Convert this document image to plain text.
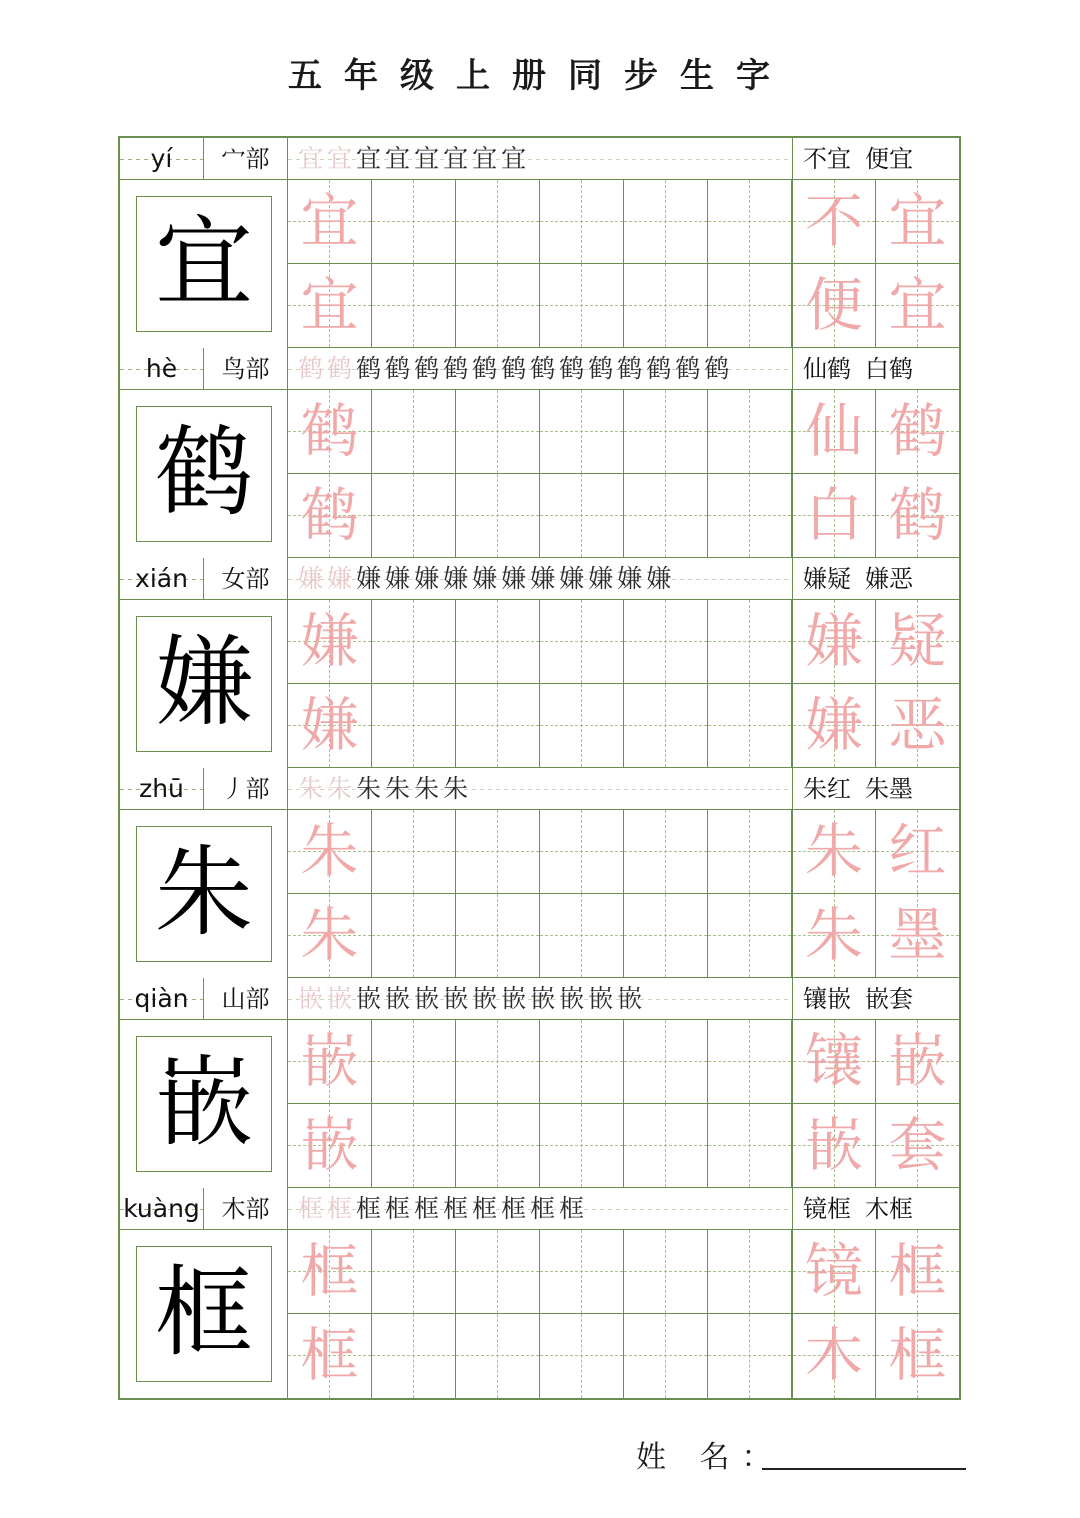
五年级上册同步生字
yí	宀部	宜宜宜宜宜宜宜宜	不宜 便宜
宜 宜	不 宜
宜	便 宜
hè	鸟部	鹤鹤鹤鹤鹤鹤鹤鹤鹤鹤鹤鹤鹤鹤鹤	仙鹤 白鹤
鹤 鹤	仙 鹤
鹤	白 鹤
xián	女部	嫌嫌嫌嫌嫌嫌嫌嫌嫌嫌嫌嫌嫌	嫌疑 嫌恶
嫌 嫌	嫌 疑
嫌	嫌 恶
zhū	丿部	朱朱朱朱朱朱	朱红 朱墨
朱 朱	朱 红
朱	朱 墨
qiàn	山部	嵌嵌嵌嵌嵌嵌嵌嵌嵌嵌嵌嵌	镶嵌 嵌套
嵌 嵌	镶 嵌
嵌	嵌 套
kuàng 木部	框框框框框框框框框框	镜框 木框
框 框	镜 框
框	木 框
姓 名：
